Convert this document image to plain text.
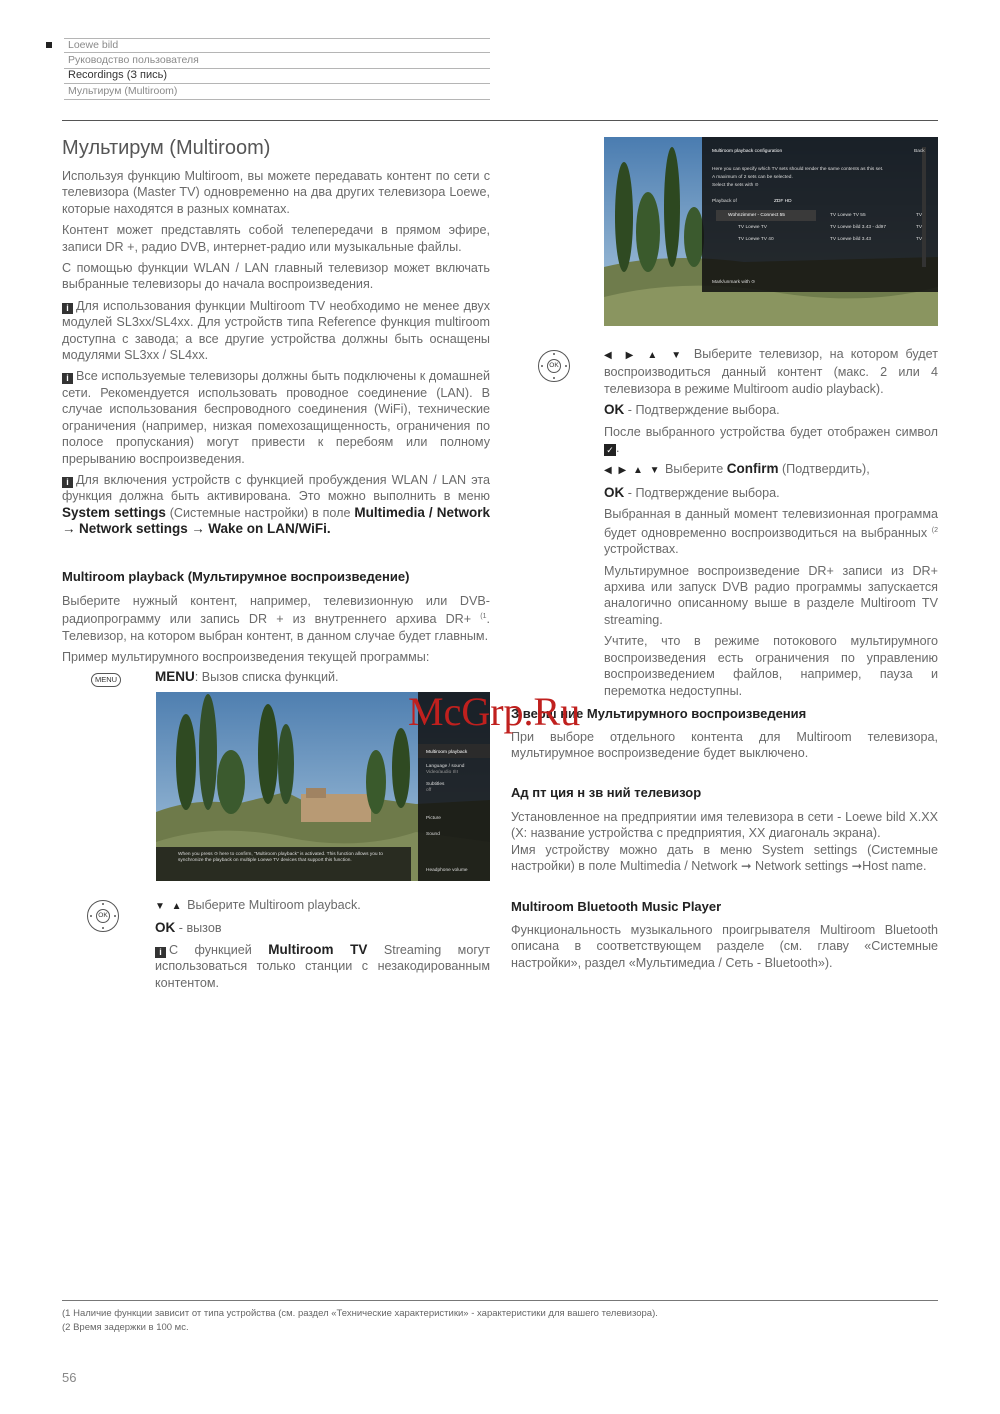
Loewe bild
Руководство пользователя
Recordings (З пись)
Мультирум (Multiroom)
Мультирум (Multiroom)

Используя функцию Multiroom, вы можете передавать контент по сети с телевизора (Master TV) одновременно на два других телевизора Loewe, которые находятся в разных комнатах.

Контент может представлять собой телепередачи в прямом эфире, записи DR +, радио DVB, интернет-радио или музыкальные файлы.

С помощью функции WLAN / LAN главный телевизор может включать выбранные телевизоры до начала воспроизведения.

i Для использования функции Multiroom TV необходимо не менее двух модулей SL3xx/SL4xx. Для устройств типа Reference функция multiroom доступна с завода; а все другие устройства должны быть оснащены модулями SL3xx / SL4xx.

i Все используемые телевизоры должны быть подключены к домашней сети. Рекомендуется использовать проводное соединение (LAN). В случае использования беспроводного соединения (WiFi), технические ограничения (например, низкая помехозащищенность, ограничения по полосе пропускания) могут привести к перебоям или полному прерыванию воспроизведения.

i Для включения устройств с функцией пробуждения WLAN / LAN эта функция должна быть активирована. Это можно выполнить в меню System settings (Системные настройки) в поле Multimedia / Network → Network settings → Wake on LAN/WiFi.

Multiroom playback (Мультирумное воспроизведение)

Выберите нужный контент, например, телевизионную или DVB-радиопрограмму или запись DR + из внутреннего архива DR+ $^{(1}$. Телевизор, на котором выбран контент, в данном случае будет главным.

Пример мультирумного воспроизведения текущей программы:

MENU	MENU: Вызов списка функций.
Multiroom playback
Language / sound
Video/audio I/II
Subtitles
off
Picture
Sound
Headphone volume
When you press ⊙ here to confirm, "Multiroom playback" is activated. This function allows you to synchronize the playback on multiple Loewe TV devices that support this function.
OK

▼ ▲ Выберите Multiroom playback.

OK - вызов

i С функцией Multiroom TV Streaming могут использоваться только станции с незакодированным контентом.

Multiroom playback configuration	Back
Here you can specify which TV sets should render the same contents as this set.
A maximum of 2 sets can be selected.
Select the sets with ⊙
Playback of	ZDF HD
Wohnzimmer - Connect 55	TV Loewe TV 55	TV
TV Loewe TV	TV Loewe bild 3.43 - dd97	TV
TV Loewe TV 40	TV Loewe bild 3.43	TV
Mark/unmark with ⊙
OK

◀ ▶ ▲ ▼ Выберите телевизор, на котором будет воспроизводиться данный контент (макс. 2 или 4 телевизора в режиме Multiroom audio playback).

OK - Подтверждение выбора.

После выбранного устройства будет отображен символ ✓ .

◀ ▶ ▲ ▼ Выберите Confirm (Подтвердить),

OK - Подтверждение выбора.

Выбранная в данный момент телевизионная программа будет одновременно воспроизводиться на выбранных $^{(2}$ устройствах.

Мультирумное воспроизведение DR+ записи из DR+ архива или запуск DVB радио программы запускается аналогично описанному выше в разделе Multiroom TV streaming.

Учтите, что в режиме потокового мультирумного воспроизведения есть ограничения по управлению воспроизведением файлов, например, пауза и перемотка недоступны.

З верш ние Мультирумного воспроизведения

При выборе отдельного контента для Multiroom телевизора, мультирумное воспроизведение будет выключено.

Ад пт ция н зв ний телевизор

Установленное на предприятии имя телевизора в сети - Loewe bild X.XX (X: название устройства с предприятия, XX диагональ экрана).

Имя устройству можно дать в меню System settings (Системные настройки) в поле Multimedia / Network ➞ Network settings ➞Host name.

Multiroom Bluetooth Music Player

Функциональность музыкального проигрывателя Multiroom Bluetooth описана в соответствующем разделе (см. главу «Системные настройки», раздел «Мультимедиа / Сеть - Bluetooth»).

McGrp.Ru
(1 Наличие функции зависит от типа устройства (см. раздел «Технические характеристики» - характеристики для вашего телевизора).
(2 Время задержки в 100 мс.
56
